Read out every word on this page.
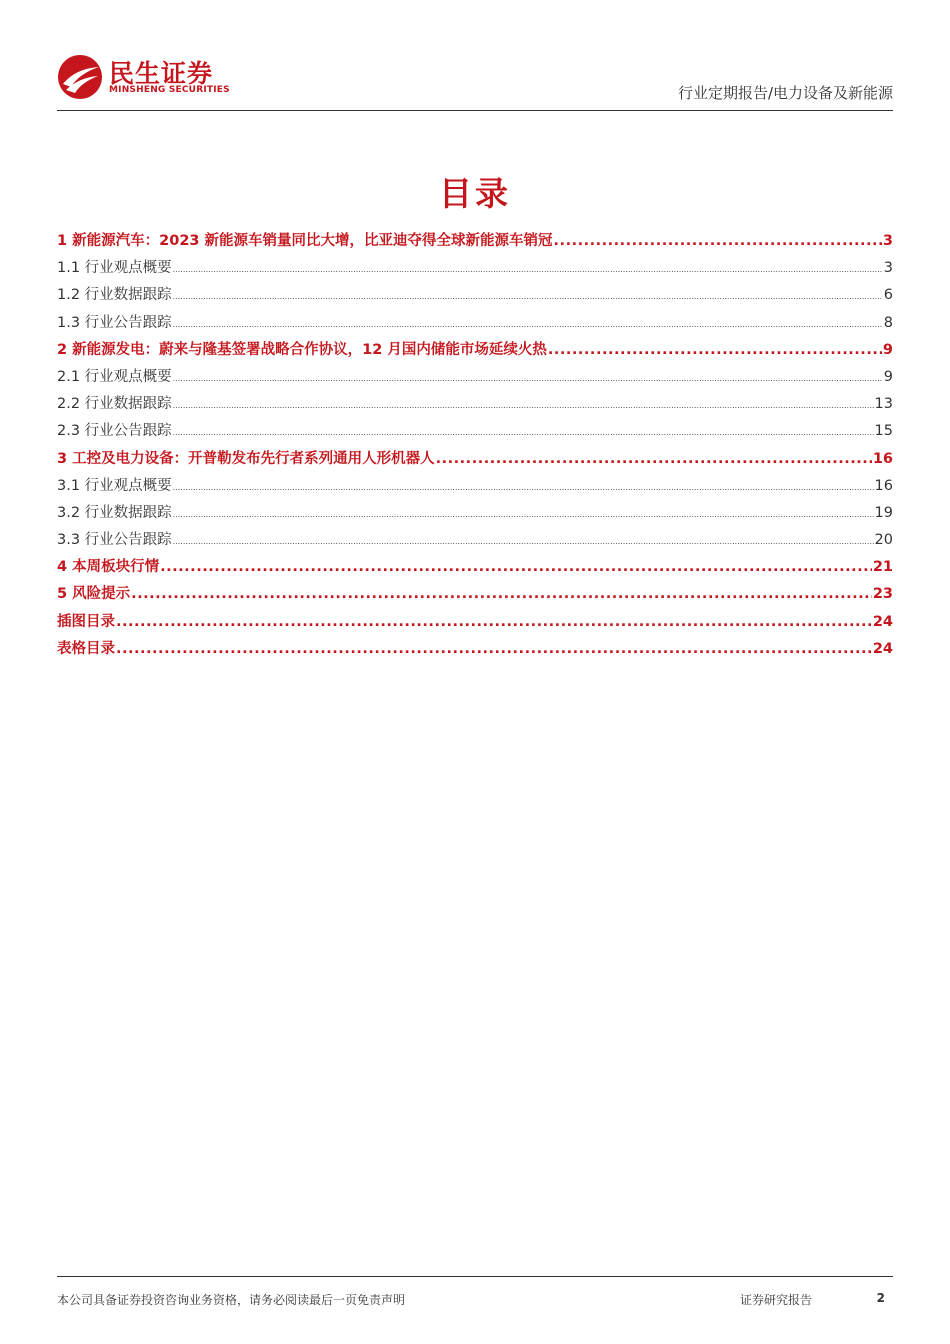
民生证券
MINSHENG SECURITIES	行业定期报告/电力设备及新能源
目录
1 新能源汽车：2023 新能源车销量同比大增，比亚迪夺得全球新能源车销冠 .....	3
1.1 行业观点概要 .....	3
1.2 行业数据跟踪 .....	6
1.3 行业公告跟踪 .....	8
2 新能源发电：蔚来与隆基签署战略合作协议，12 月国内储能市场延续火热 .....	9
2.1 行业观点概要 .....	9
2.2 行业数据跟踪 .....	13
2.3 行业公告跟踪 .....	15
3 工控及电力设备：开普勒发布先行者系列通用人形机器人 .....	16
3.1 行业观点概要 .....	16
3.2 行业数据跟踪 .....	19
3.3 行业公告跟踪 .....	20
4 本周板块行情 .....	21
5 风险提示 .....	23
插图目录 .....	24
表格目录 .....	24
本公司具备证券投资咨询业务资格，请务必阅读最后一页免责声明	证券研究报告	2
